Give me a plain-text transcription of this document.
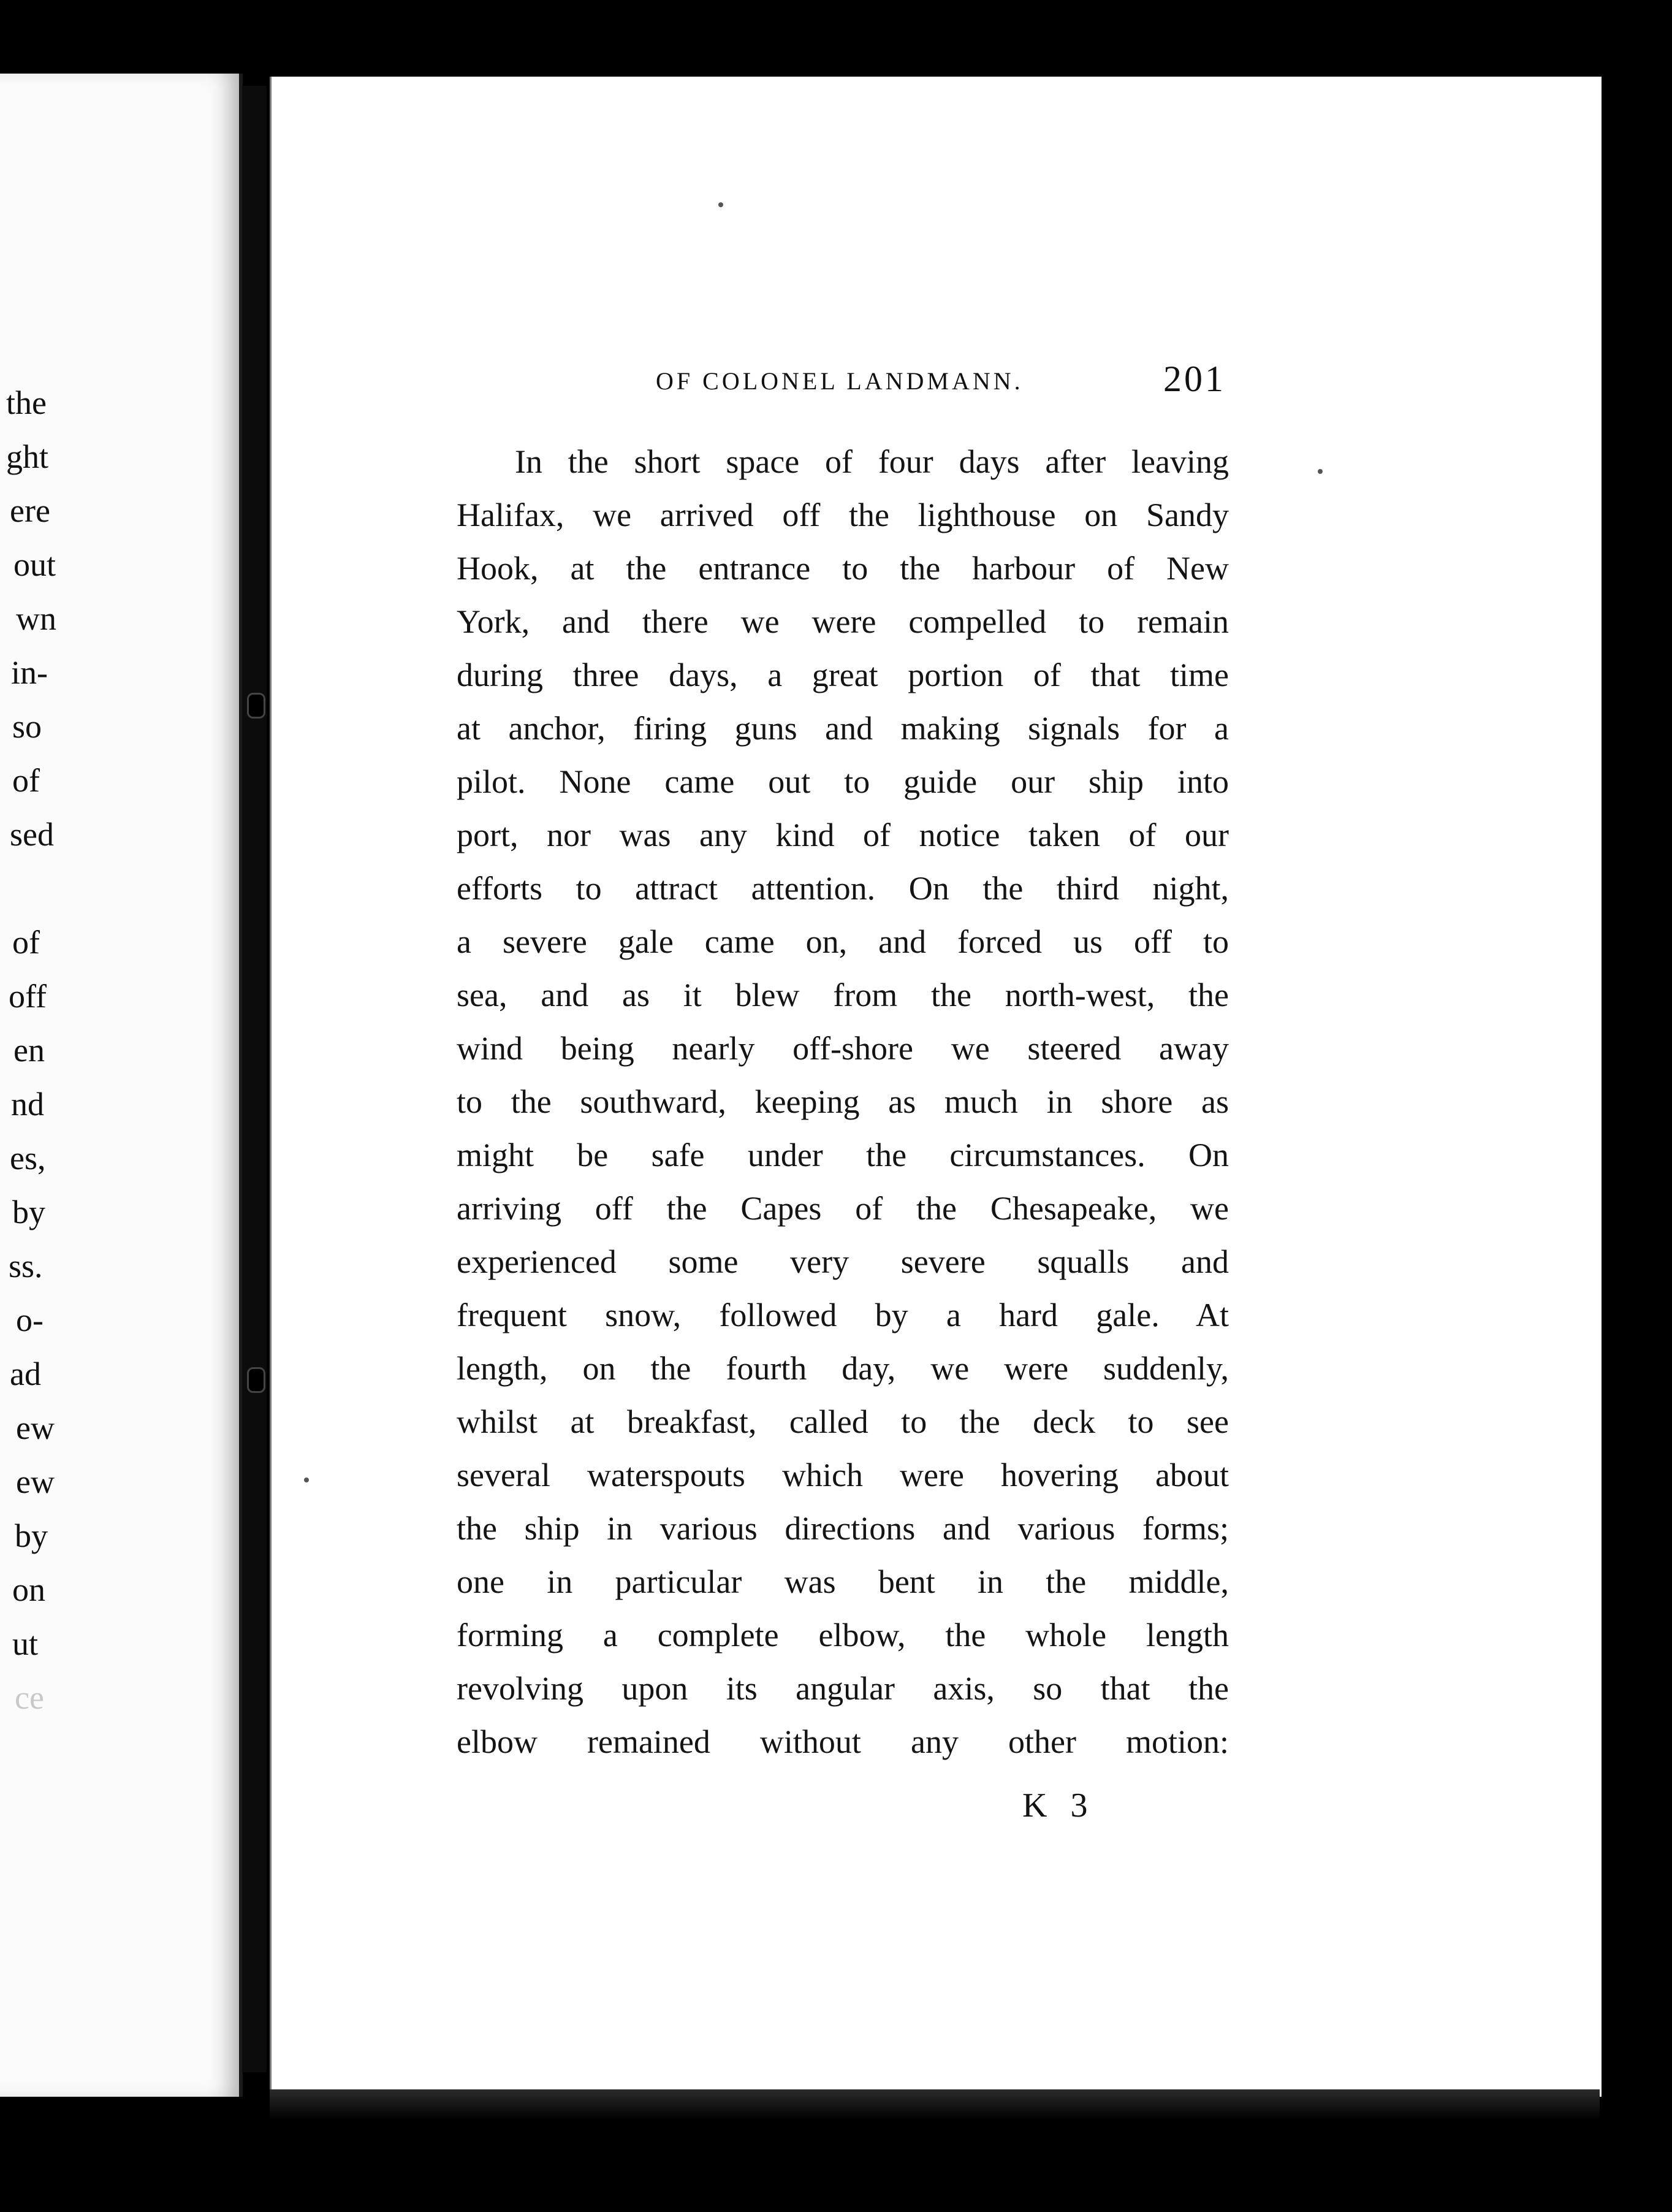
the
ght
ere
out
wn
in-
so
of
sed
of
off
en
nd
es,
by
ss.
o-
ad
ew
ew
by
on
ut
ce
OF COLONEL LANDMANN.	201

In the short space of four days after leaving
Halifax, we arrived off the lighthouse on Sandy
Hook, at the entrance to the harbour of New
York, and there we were compelled to remain
during three days, a great portion of that time
at anchor, firing guns and making signals for a
pilot. None came out to guide our ship into
port, nor was any kind of notice taken of our
efforts to attract attention. On the third night,
a severe gale came on, and forced us off to
sea, and as it blew from the north-west, the
wind being nearly off-shore we steered away
to the southward, keeping as much in shore as
might be safe under the circumstances. On
arriving off the Capes of the Chesapeake, we
experienced some very severe squalls and
frequent snow, followed by a hard gale. At
length, on the fourth day, we were suddenly,
whilst at breakfast, called to the deck to see
several waterspouts which were hovering about
the ship in various directions and various forms;
one in particular was bent in the middle,
forming a complete elbow, the whole length
revolving upon its angular axis, so that the
elbow remained without any other motion:

K 3
